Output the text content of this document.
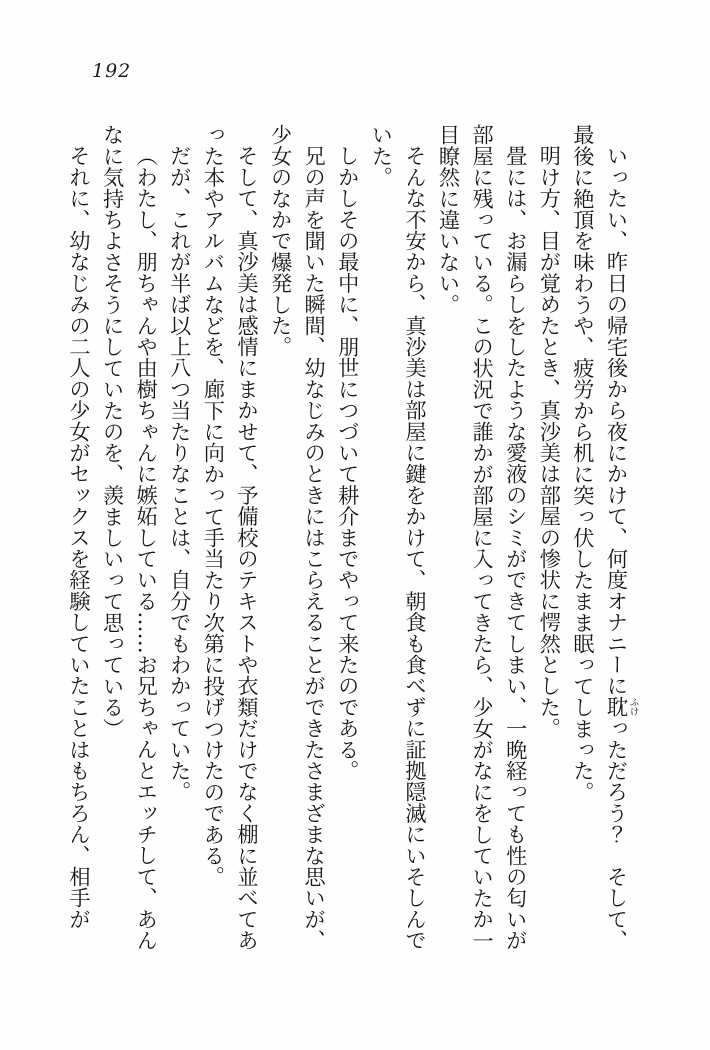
192

いったい、昨日の帰宅後から夜にかけて、何度オナニーに耽ふけっただろう？　そして、最後に絶頂を味わうや、疲労から机に突っ伏したまま眠ってしまった。

明け方、目が覚めたとき、真沙美は部屋の惨状に愕然とした。

畳には、お漏らしをしたような愛液のシミができてしまい、一晩経っても性の匂いが部屋に残っている。この状況で誰かが部屋に入ってきたら、少女がなにをしていたか一目瞭然に違いない。

そんな不安から、真沙美は部屋に鍵をかけて、朝食も食べずに証拠隠滅にいそしんでいた。

しかしその最中に、朋世につづいて耕介までやって来たのである。

兄の声を聞いた瞬間、幼なじみのときにはこらえることができたさまざまな思いが、少女のなかで爆発した。

そして、真沙美は感情にまかせて、予備校のテキストや衣類だけでなく棚に並べてあった本やアルバムなどを、廊下に向かって手当たり次第に投げつけたのである。

だが、これが半ば以上八つ当たりなことは、自分でもわかっていた。

（わたし、朋ちゃんや由樹ちゃんに嫉妬している……お兄ちゃんとエッチして、あんなに気持ちよさそうにしていたのを、羨ましいって思っている）

それに、幼なじみの二人の少女がセックスを経験していたことはもちろん、相手が
